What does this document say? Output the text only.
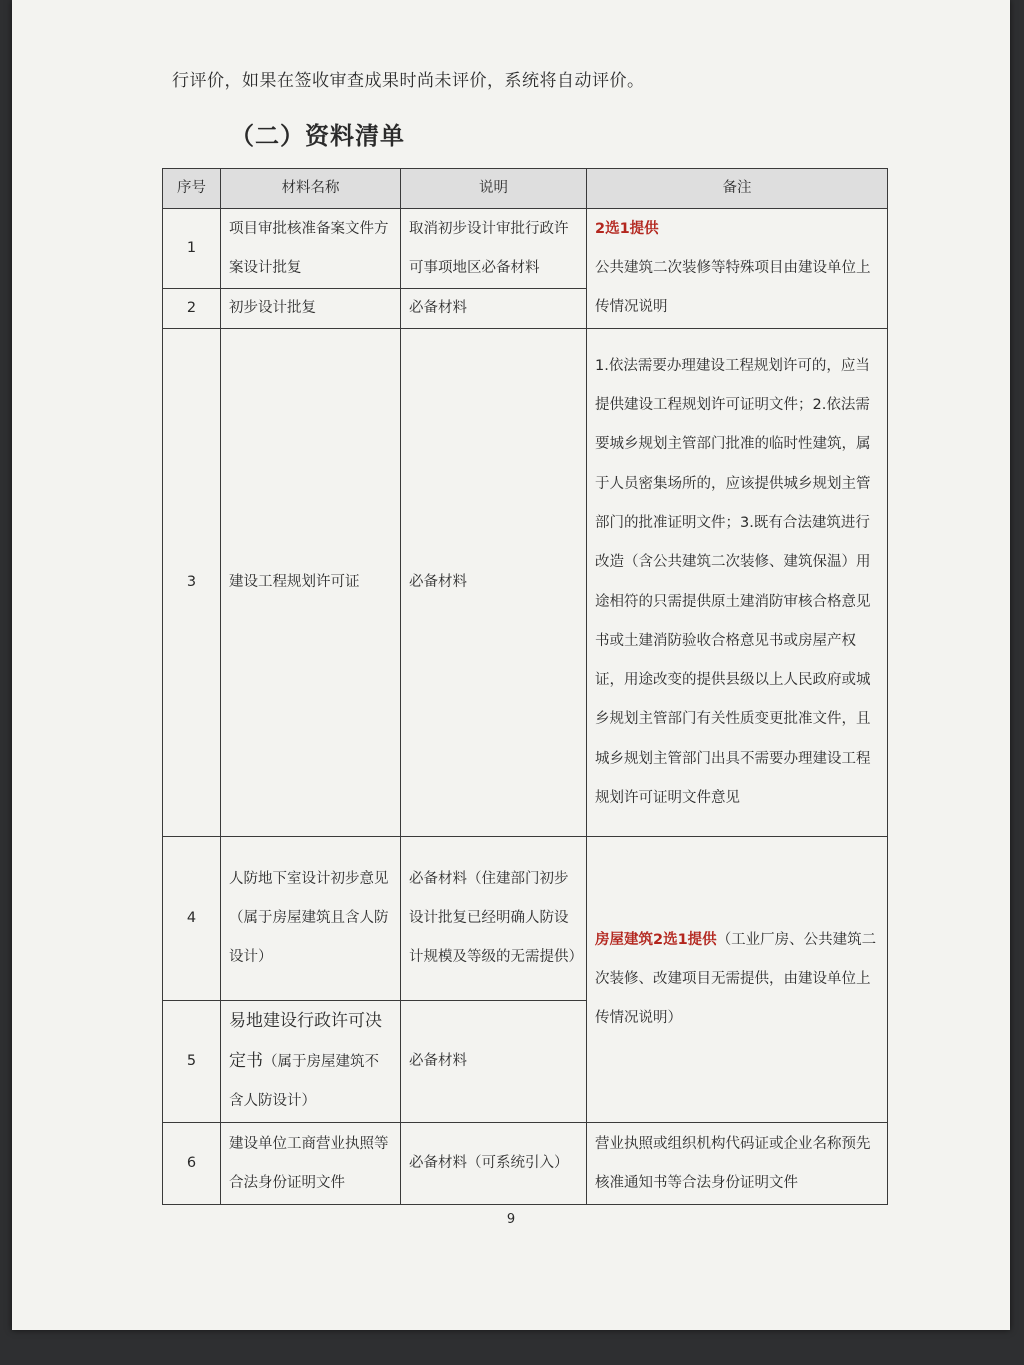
行评价，如果在签收审查成果时尚未评价，系统将自动评价。

（二）资料清单
序号	材料名称	说明	备注
1	项目审批核准备案文件方案设计批复	取消初步设计审批行政许可事项地区必备材料	2选1提供
公共建筑二次装修等特殊项目由建设单位上传情况说明
2	初步设计批复	必备材料	
3	建设工程规划许可证	必备材料	1.依法需要办理建设工程规划许可的，应当提供建设工程规划许可证明文件；2.依法需要城乡规划主管部门批准的临时性建筑，属于人员密集场所的，应该提供城乡规划主管部门的批准证明文件；3.既有合法建筑进行改造（含公共建筑二次装修、建筑保温）用途相符的只需提供原土建消防审核合格意见书或土建消防验收合格意见书或房屋产权证，用途改变的提供县级以上人民政府或城乡规划主管部门有关性质变更批准文件，且城乡规划主管部门出具不需要办理建设工程规划许可证明文件意见
4	人防地下室设计初步意见（属于房屋建筑且含人防设计）	必备材料（住建部门初步设计批复已经明确人防设计规模及等级的无需提供）	房屋建筑2选1提供（工业厂房、公共建筑二次装修、改建项目无需提供，由建设单位上传情况说明）
5	易地建设行政许可决定书（属于房屋建筑不含人防设计）	必备材料	
6	建设单位工商营业执照等合法身份证明文件	必备材料（可系统引入）	营业执照或组织机构代码证或企业名称预先核准通知书等合法身份证明文件
9
